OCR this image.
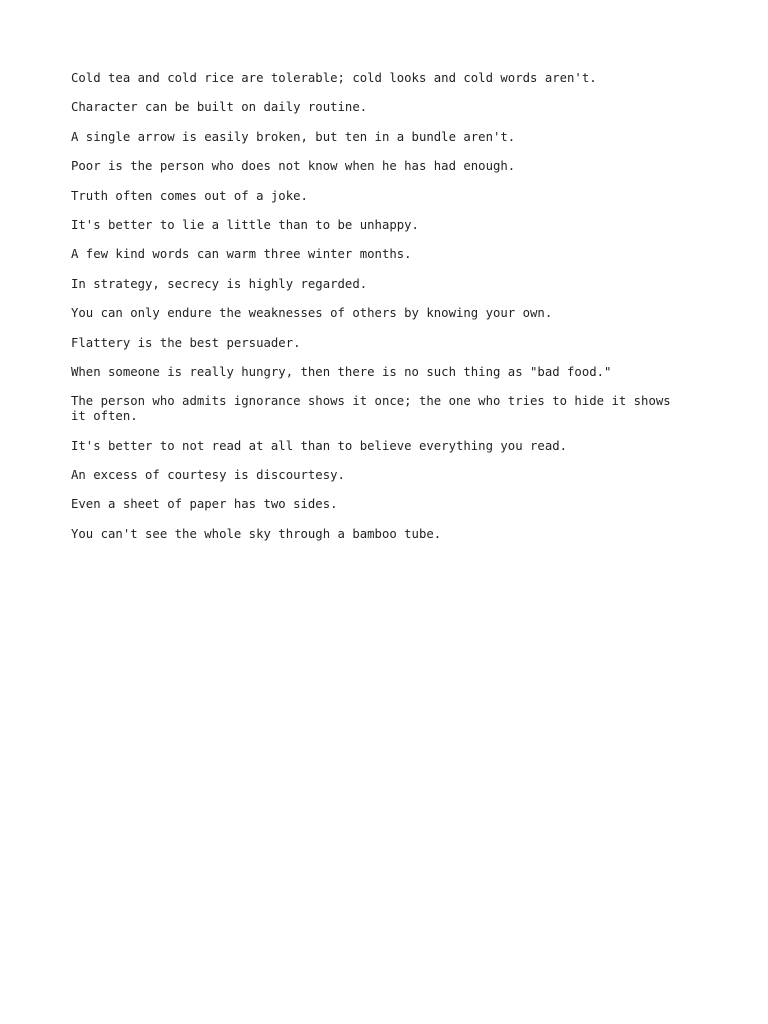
Cold tea and cold rice are tolerable; cold looks and cold words aren't.

Character can be built on daily routine.

A single arrow is easily broken, but ten in a bundle aren't.

Poor is the person who does not know when he has had enough.

Truth often comes out of a joke.

It's better to lie a little than to be unhappy.

A few kind words can warm three winter months.

In strategy, secrecy is highly regarded.

You can only endure the weaknesses of others by knowing your own.

Flattery is the best persuader.

When someone is really hungry, then there is no such thing as "bad food."

The person who admits ignorance shows it once; the one who tries to hide it shows it often.

It's better to not read at all than to believe everything you read.

An excess of courtesy is discourtesy.

Even a sheet of paper has two sides.

You can't see the whole sky through a bamboo tube.
